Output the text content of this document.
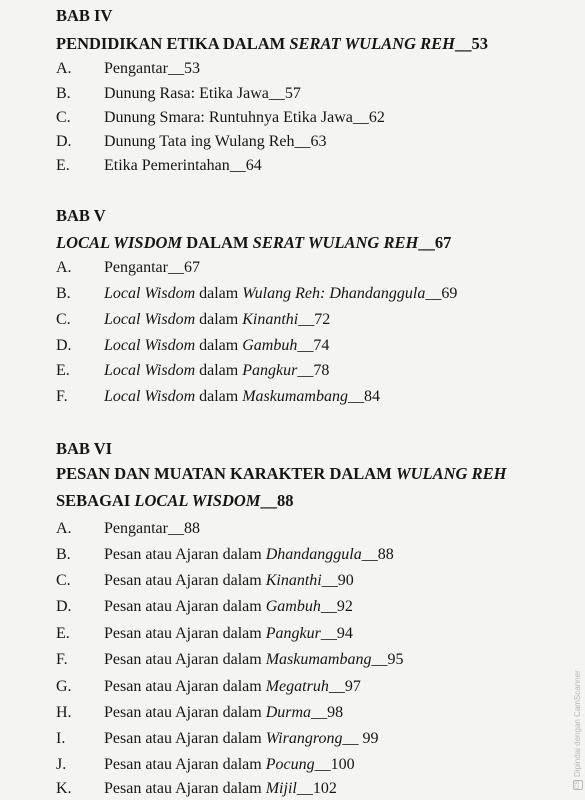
BAB IV
PENDIDIKAN ETIKA DALAM SERAT WULANG REH__53
A. Pengantar__53
B. Dunung Rasa: Etika Jawa__57
C. Dunung Smara: Runtuhnya Etika Jawa__62
D. Dunung Tata ing Wulang Reh__63
E. Etika Pemerintahan__64
BAB V
LOCAL WISDOM DALAM SERAT WULANG REH__67
A. Pengantar__67
B. Local Wisdom dalam Wulang Reh: Dhandanggula__69
C. Local Wisdom dalam Kinanthi__72
D. Local Wisdom dalam Gambuh__74
E. Local Wisdom dalam Pangkur__78
F. Local Wisdom dalam Maskumambang__84
BAB VI
PESAN DAN MUATAN KARAKTER DALAM WULANG REH
SEBAGAI LOCAL WISDOM__88
A. Pengantar__88
B. Pesan atau Ajaran dalam Dhandanggula__88
C. Pesan atau Ajaran dalam Kinanthi__90
D. Pesan atau Ajaran dalam Gambuh__92
E. Pesan atau Ajaran dalam Pangkur__94
F. Pesan atau Ajaran dalam Maskumambang__95
G. Pesan atau Ajaran dalam Megatruh__97
H. Pesan atau Ajaran dalam Durma__98
I. Pesan atau Ajaran dalam Wirangrong__ 99
J. Pesan atau Ajaran dalam Pocung__100
K. Pesan atau Ajaran dalam Mijil__102	CSDipindai dengan CamScanner
